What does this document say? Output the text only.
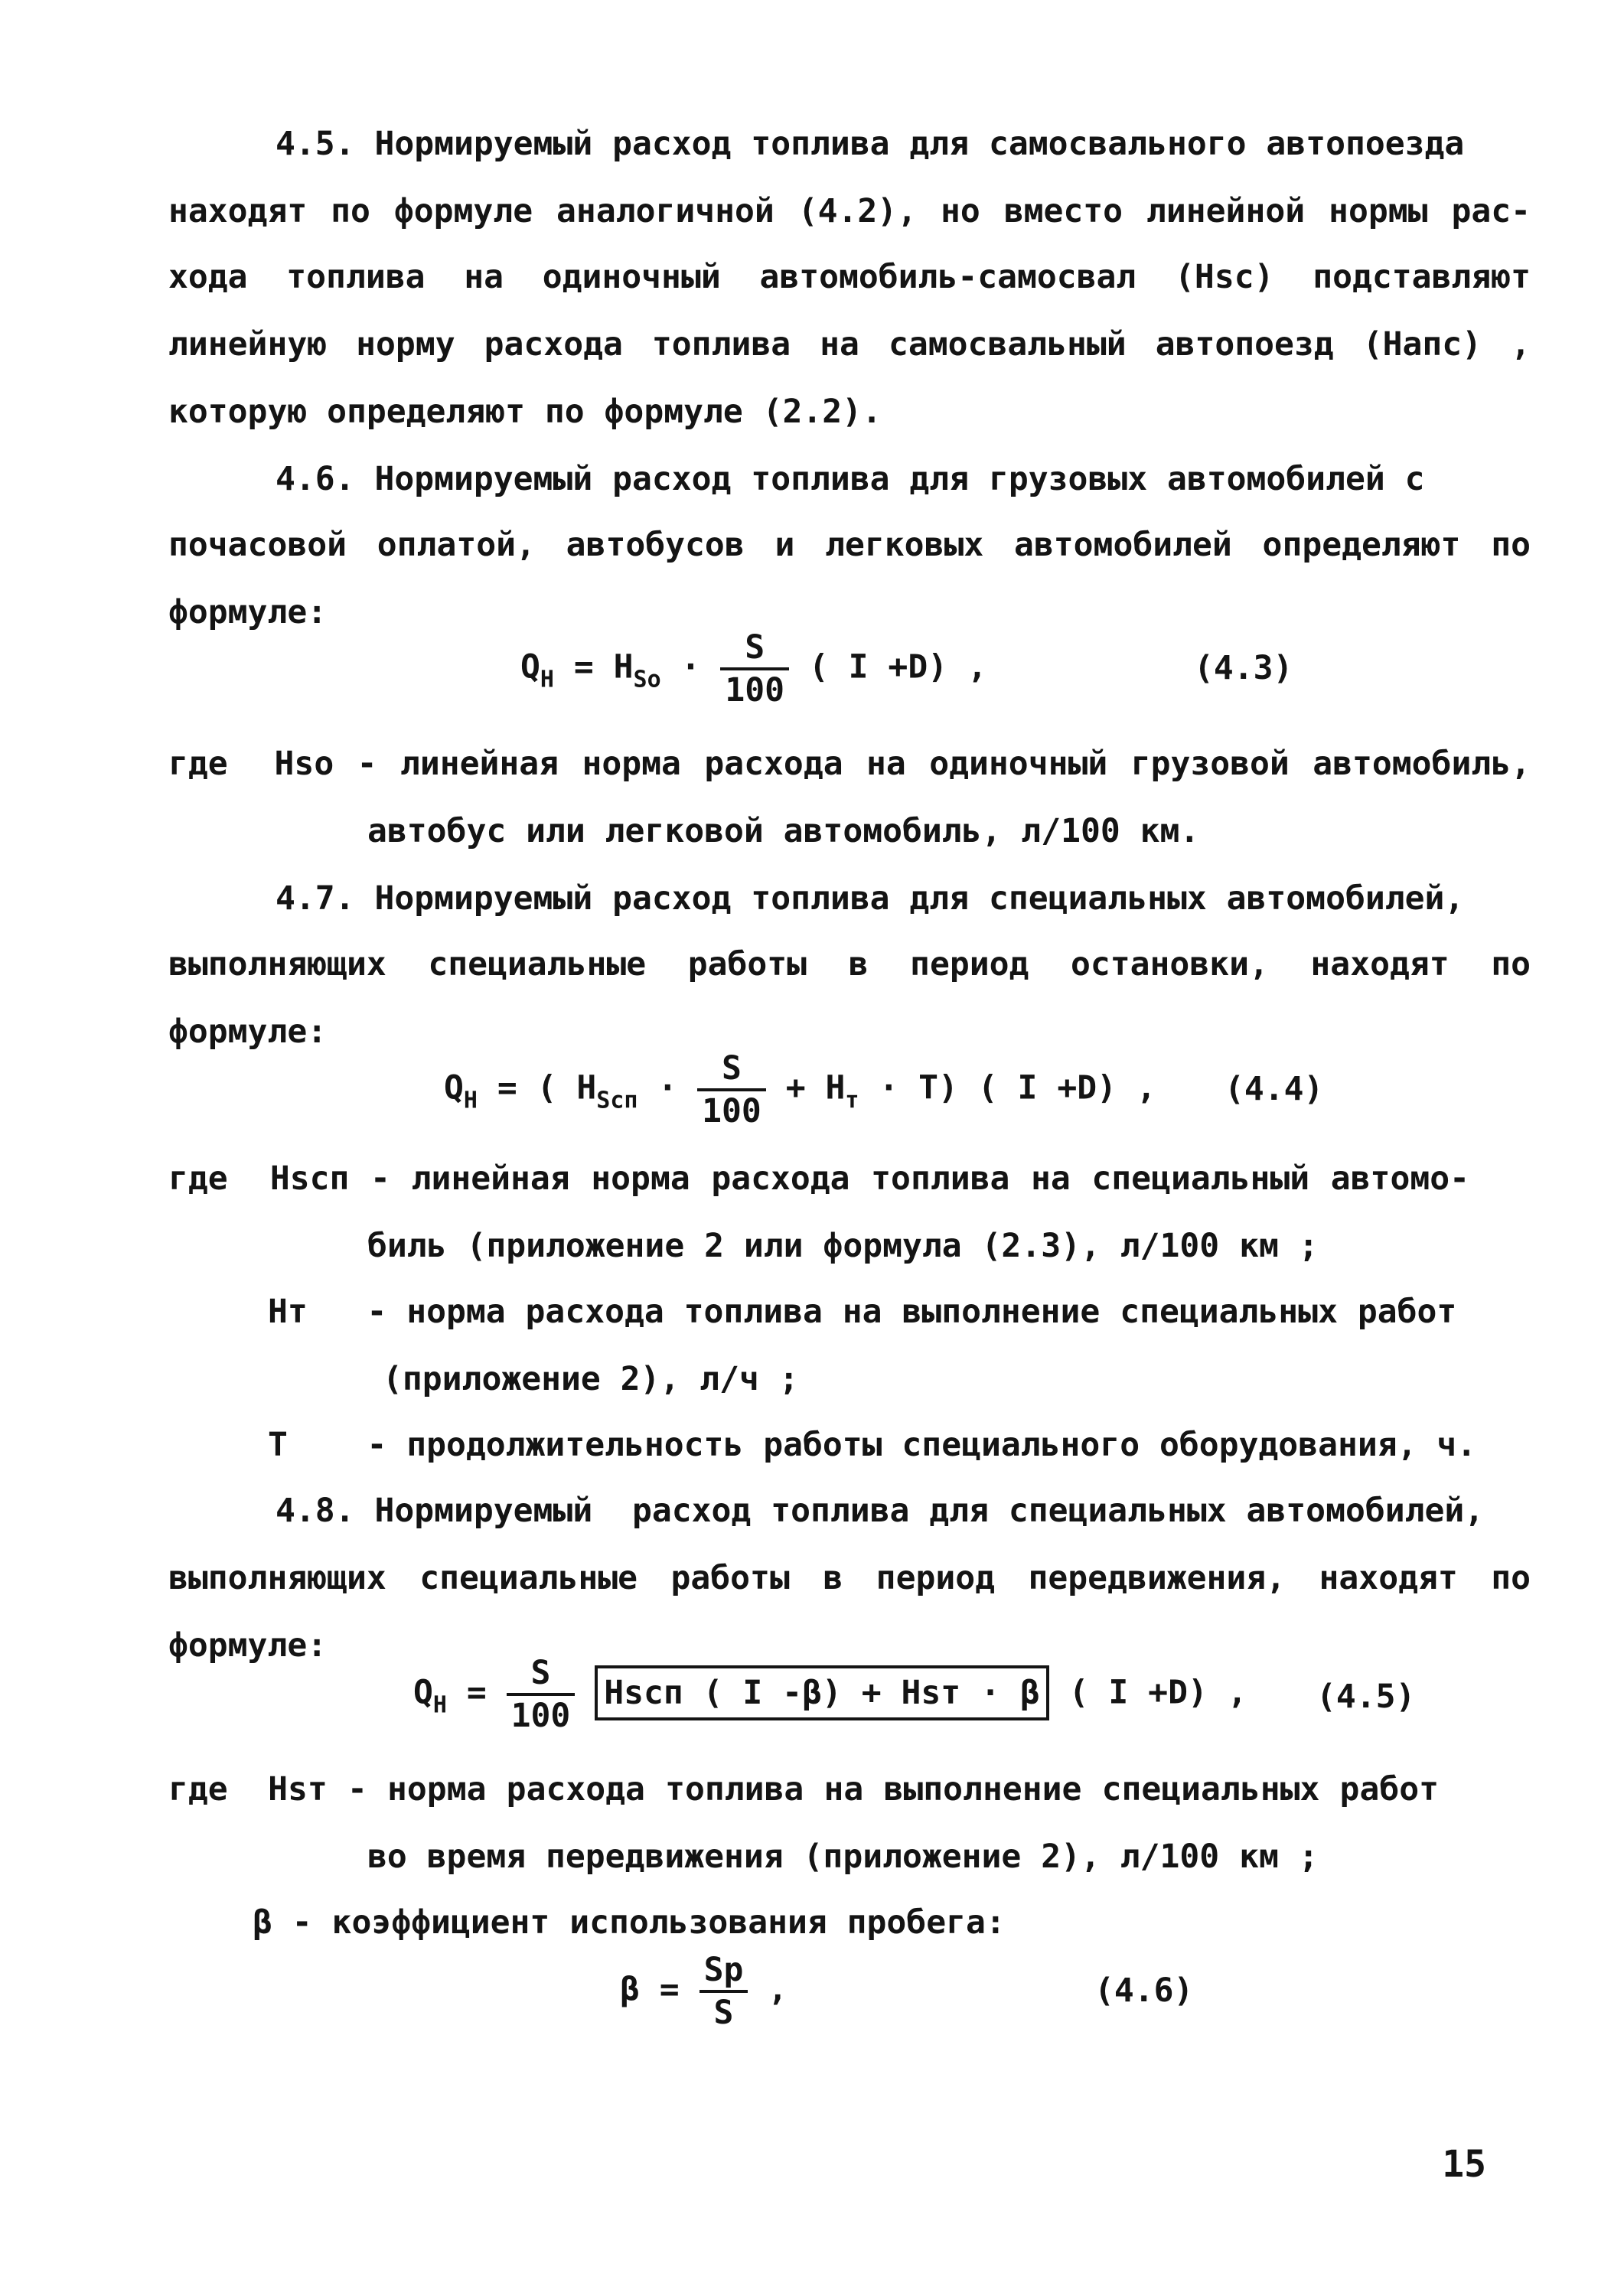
4.5. Нормируемый расход топлива для самосвального автопоезда
находят по формуле аналогичной (4.2), но вместо линейной нормы рас-
хода топлива на одиночный автомобиль-самосвал (Hsc) подставляют
линейную норму расхода топлива на самосвальный автопоезд (Hапс) ,
которую определяют по формуле (2.2).
4.6. Нормируемый расход топлива для грузовых автомобилей с
почасовой оплатой, автобусов и легковых автомобилей определяют по
формуле:
$Q_H = H_{So} \cdot \frac{S}{100}$ ( I +D) ,	(4.3)
где  Hso - линейная норма расхода на одиночный грузовой автомобиль,
автобус или легковой автомобиль, л/100 км.
4.7. Нормируемый расход топлива для специальных автомобилей,
выполняющих специальные работы в период остановки, находят по
формуле:
$Q_H$ = ( $H_{Sсп} \cdot \frac{S}{100} + H_т \cdot T$) ( I +D) , (4.4)
где  Hsсп - линейная норма расхода топлива на специальный автомо-
биль (приложение 2 или формула (2.3), л/100 км ;
Hт   - норма расхода топлива на выполнение специальных работ
(приложение 2), л/ч ;
T    - продолжительность работы специального оборудования, ч.
4.8. Нормируемый  расход топлива для специальных автомобилей,
выполняющих специальные работы в период передвижения, находят по
формуле:
$Q_H = \frac{S}{100}$ Hsсп ( I -β) + Hsт · β ( I +D) , (4.5)
где  Hsт - норма расхода топлива на выполнение специальных работ
во время передвижения (приложение 2), л/100 км ;
β - коэффициент использования пробега:
$\beta = \frac{Sp}{S}$ ,	(4.6)
15
